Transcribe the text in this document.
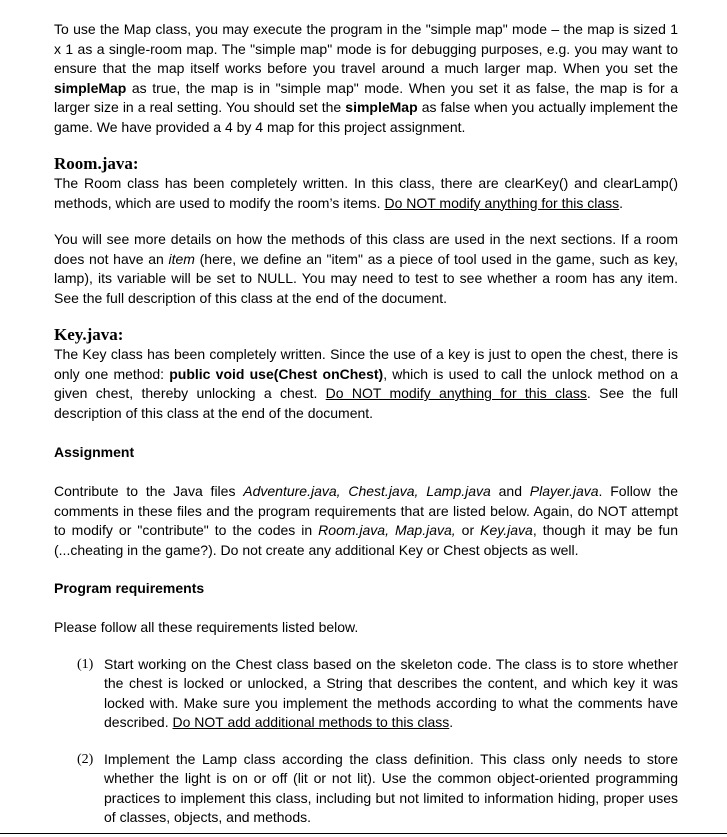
To use the Map class, you may execute the program in the "simple map" mode – the map is sized 1 x 1 as a single-room map. The "simple map" mode is for debugging purposes, e.g. you may want to ensure that the map itself works before you travel around a much larger map. When you set the simpleMap as true, the map is in "simple map" mode. When you set it as false, the map is for a larger size in a real setting. You should set the simpleMap as false when you actually implement the game. We have provided a 4 by 4 map for this project assignment.

Room.java:

The Room class has been completely written. In this class, there are clearKey() and clearLamp() methods, which are used to modify the room’s items. Do NOT modify anything for this class.

You will see more details on how the methods of this class are used in the next sections. If a room does not have an item (here, we define an "item" as a piece of tool used in the game, such as key, lamp), its variable will be set to NULL. You may need to test to see whether a room has any item. See the full description of this class at the end of the document.

Key.java:

The Key class has been completely written. Since the use of a key is just to open the chest, there is only one method: public void use(Chest onChest), which is used to call the unlock method on a given chest, thereby unlocking a chest. Do NOT modify anything for this class. See the full description of this class at the end of the document.

Assignment

Contribute to the Java files Adventure.java, Chest.java, Lamp.java and Player.java. Follow the comments in these files and the program requirements that are listed below. Again, do NOT attempt to modify or "contribute" to the codes in Room.java, Map.java, or Key.java, though it may be fun (...cheating in the game?). Do not create any additional Key or Chest objects as well.

Program requirements

Please follow all these requirements listed below.

(1) Start working on the Chest class based on the skeleton code. The class is to store whether the chest is locked or unlocked, a String that describes the content, and which key it was locked with. Make sure you implement the methods according to what the comments have described. Do NOT add additional methods to this class.
(2) Implement the Lamp class according the class definition. This class only needs to store whether the light is on or off (lit or not lit). Use the common object-oriented programming practices to implement this class, including but not limited to information hiding, proper uses of classes, objects, and methods.
